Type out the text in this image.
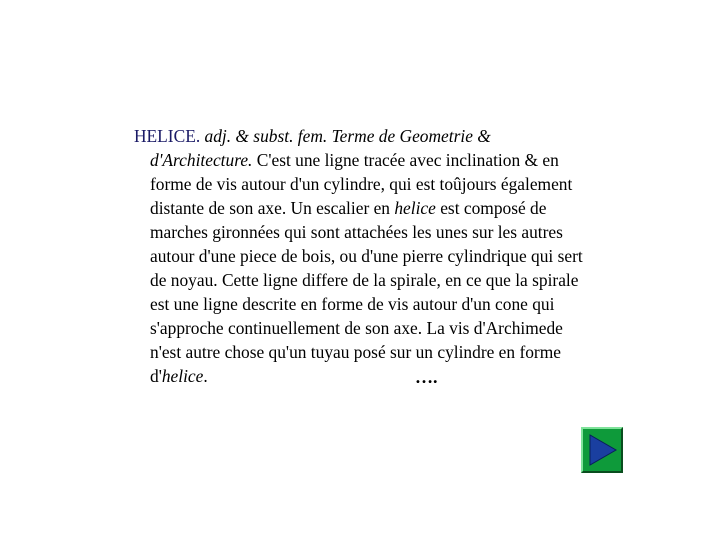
HELICE. adj. & subst. fem. Terme de Geometrie &
d'Architecture. C'est une ligne tracée avec inclination & en
forme de vis autour d'un cylindre, qui est toûjours également
distante de son axe. Un escalier en helice est composé de
marches gironnées qui sont attachées les unes sur les autres
autour d'une piece de bois, ou d'une pierre cylindrique qui sert
de noyau. Cette ligne differe de la spirale, en ce que la spirale
est une ligne descrite en forme de vis autour d'un cone qui
s'approche continuellement de son axe. La vis d'Archimede
n'est autre chose qu'un tuyau posé sur un cylindre en forme
d'helice.	….
